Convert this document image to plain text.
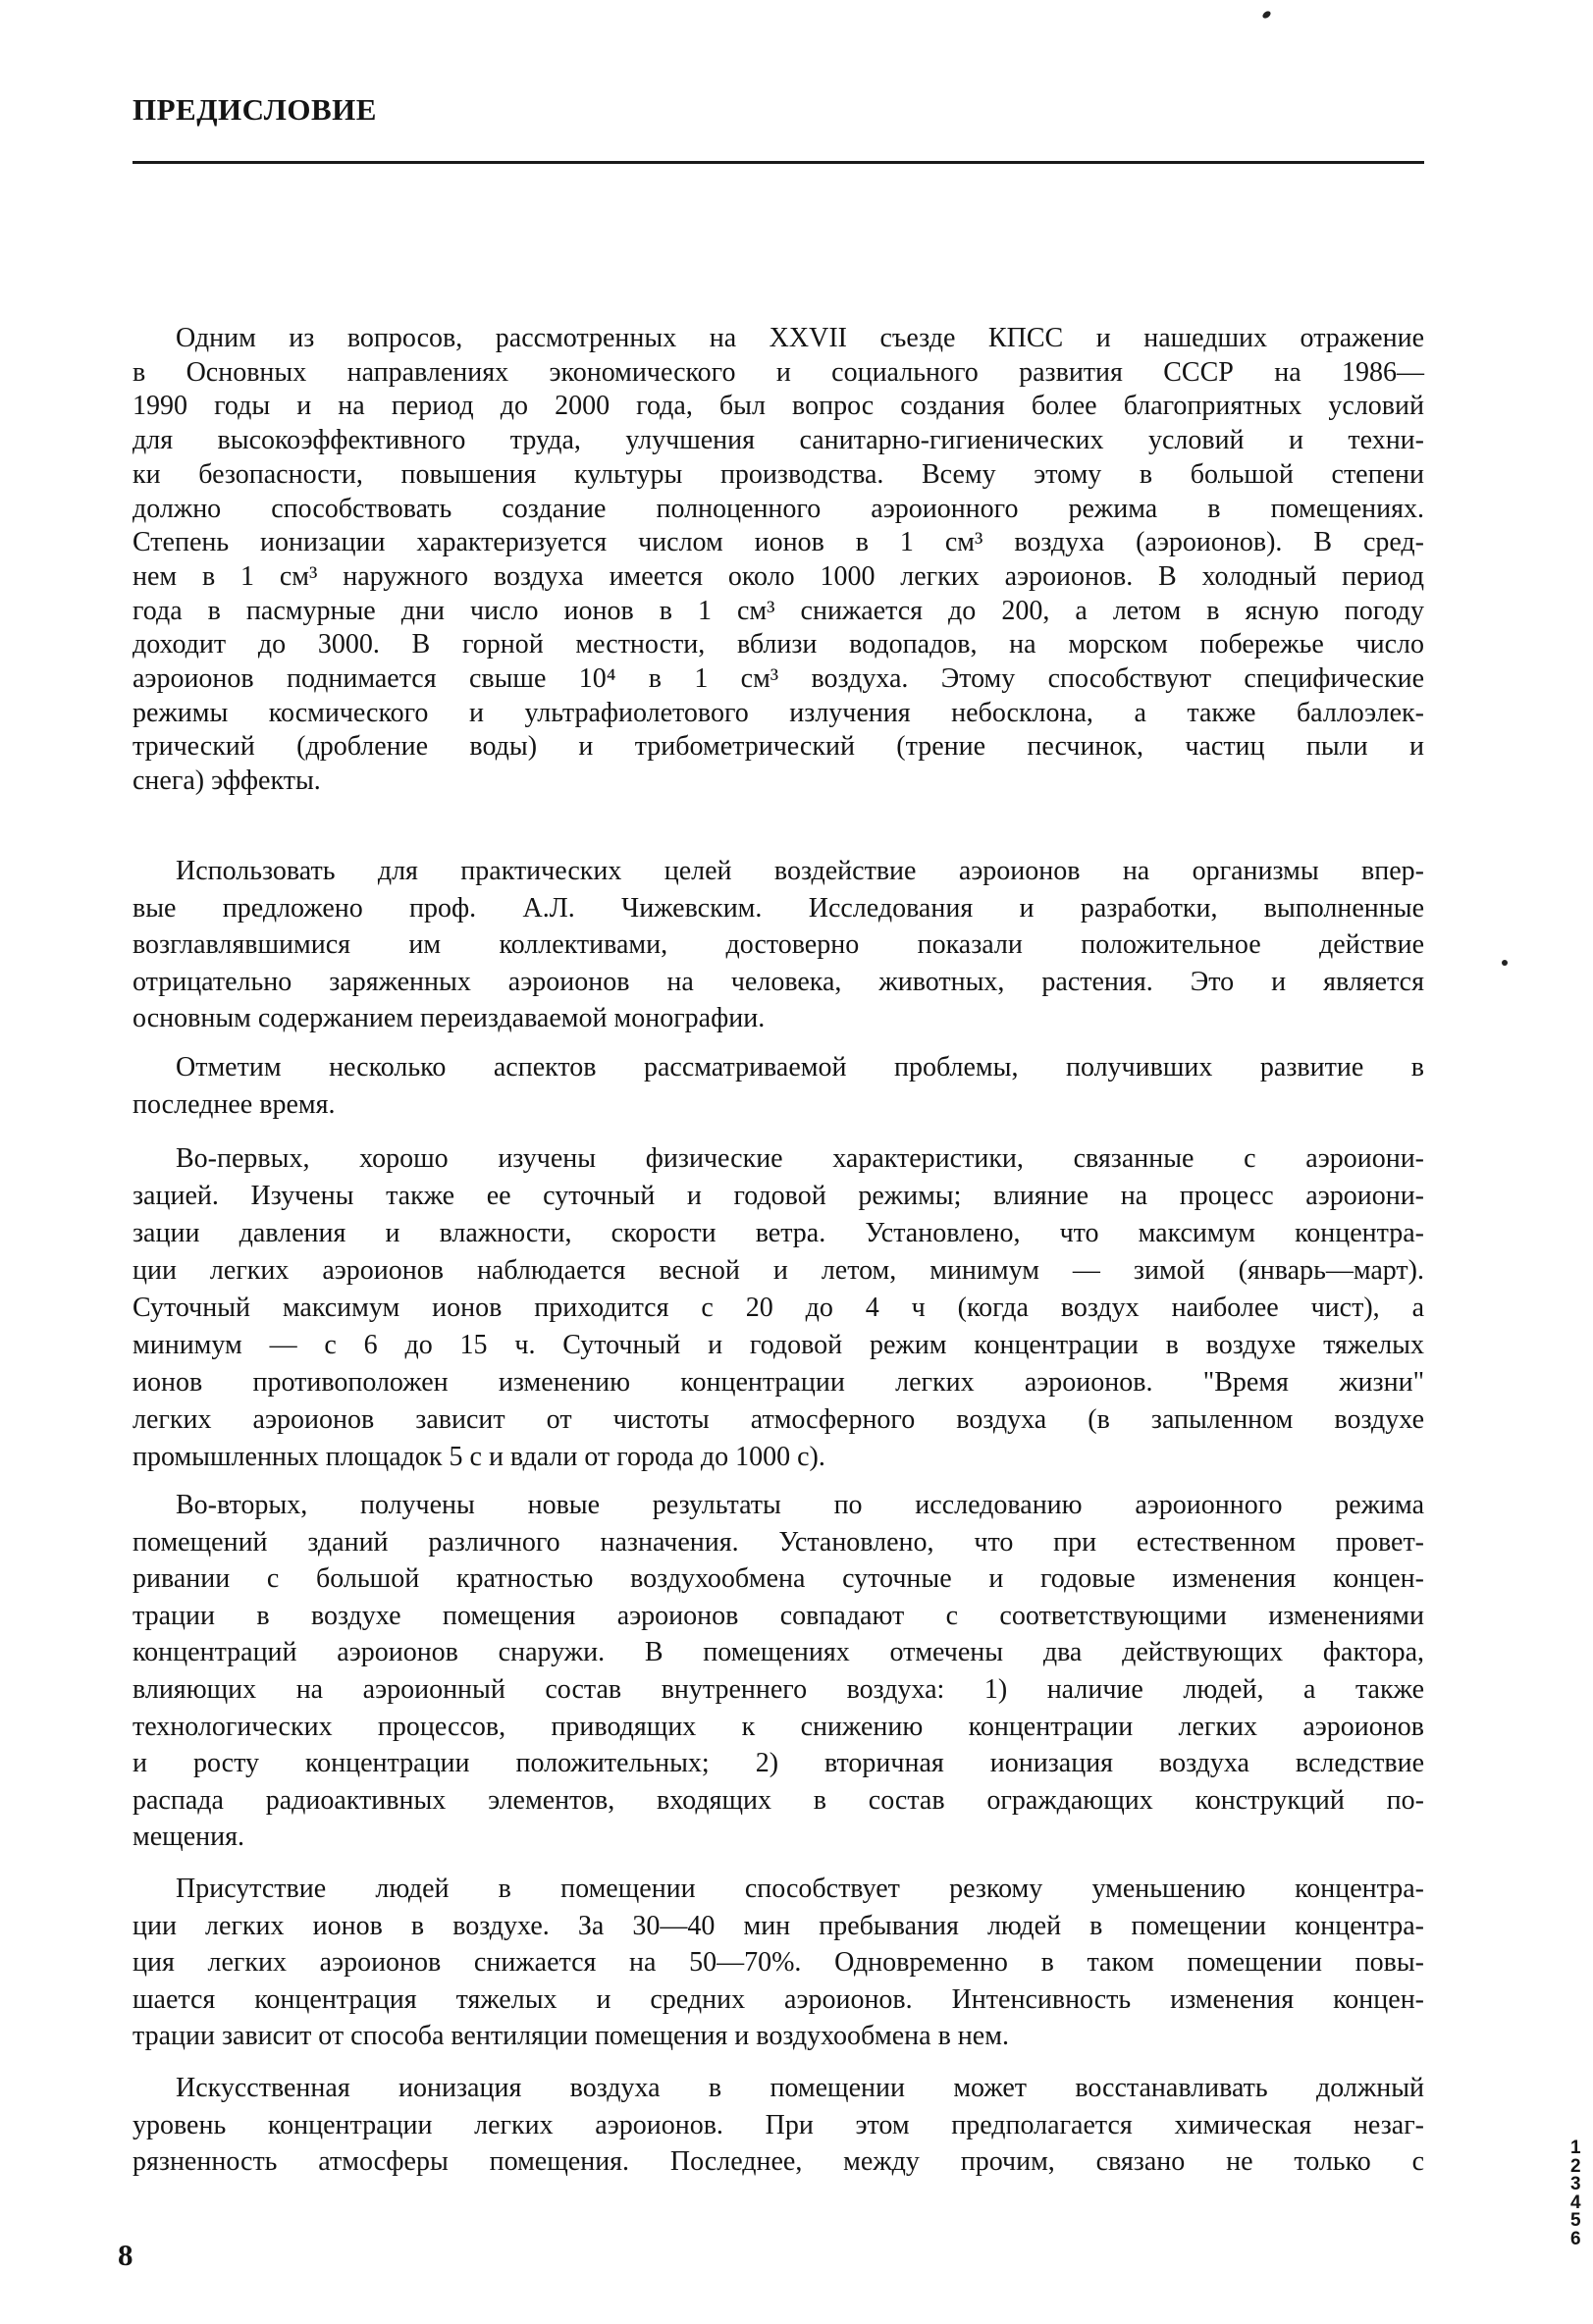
ПРЕДИСЛОВИЕ
Одним из вопросов, рассмотренных на XXVII съезде КПСС и нашедших отражение
в Основных направлениях экономического и социального развития СССР на 1986—
1990 годы и на период до 2000 года, был вопрос создания более благоприятных условий
для высокоэффективного труда, улучшения санитарно-гигиенических условий и техни-
ки безопасности, повышения культуры производства. Всему этому в большой степени
должно способствовать создание полноценного аэроионного режима в помещениях.
Степень ионизации характеризуется числом ионов в 1 см³ воздуха (аэроионов). В сред-
нем в 1 см³ наружного воздуха имеется около 1000 легких аэроионов. В холодный период
года в пасмурные дни число ионов в 1 см³ снижается до 200, а летом в ясную погоду
доходит до 3000. В горной местности, вблизи водопадов, на морском побережье число
аэроионов поднимается свыше 10⁴ в 1 см³ воздуха. Этому способствуют специфические
режимы космического и ультрафиолетового излучения небосклона, а также баллоэлек-
трический (дробление воды) и трибометрический (трение песчинок, частиц пыли и
снега) эффекты.
Использовать для практических целей воздействие аэроионов на организмы впер-
вые предложено проф. А.Л. Чижевским. Исследования и разработки, выполненные
возглавлявшимися им коллективами, достоверно показали положительное действие
отрицательно заряженных аэроионов на человека, животных, растения. Это и является
основным содержанием переиздаваемой монографии.
Отметим несколько аспектов рассматриваемой проблемы, получивших развитие в
последнее время.
Во-первых, хорошо изучены физические характеристики, связанные с аэроиони-
зацией. Изучены также ее суточный и годовой режимы; влияние на процесс аэроиони-
зации давления и влажности, скорости ветра. Установлено, что максимум концентра-
ции легких аэроионов наблюдается весной и летом, минимум — зимой (январь—март).
Суточный максимум ионов приходится с 20 до 4 ч (когда воздух наиболее чист), а
минимум — с 6 до 15 ч. Суточный и годовой режим концентрации в воздухе тяжелых
ионов противоположен изменению концентрации легких аэроионов. "Время жизни"
легких аэроионов зависит от чистоты атмосферного воздуха (в запыленном воздухе
промышленных площадок 5 с и вдали от города до 1000 с).
Во-вторых, получены новые результаты по исследованию аэроионного режима
помещений зданий различного назначения. Установлено, что при естественном провет-
ривании с большой кратностью воздухообмена суточные и годовые изменения концен-
трации в воздухе помещения аэроионов совпадают с соответствующими изменениями
концентраций аэроионов снаружи. В помещениях отмечены два действующих фактора,
влияющих на аэроионный состав внутреннего воздуха: 1) наличие людей, а также
технологических процессов, приводящих к снижению концентрации легких аэроионов
и росту концентрации положительных; 2) вторичная ионизация воздуха вследствие
распада радиоактивных элементов, входящих в состав ограждающих конструкций по-
мещения.
Присутствие людей в помещении способствует резкому уменьшению концентра-
ции легких ионов в воздухе. За 30—40 мин пребывания людей в помещении концентра-
ция легких аэроионов снижается на 50—70%. Одновременно в таком помещении повы-
шается концентрация тяжелых и средних аэроионов. Интенсивность изменения концен-
трации зависит от способа вентиляции помещения и воздухообмена в нем.
Искусственная ионизация воздуха в помещении может восстанавливать должный
уровень концентрации легких аэроионов. При этом предполагается химическая незаг-
рязненность атмосферы помещения. Последнее, между прочим, связано не только с
8
1
2
3
4
5
6
